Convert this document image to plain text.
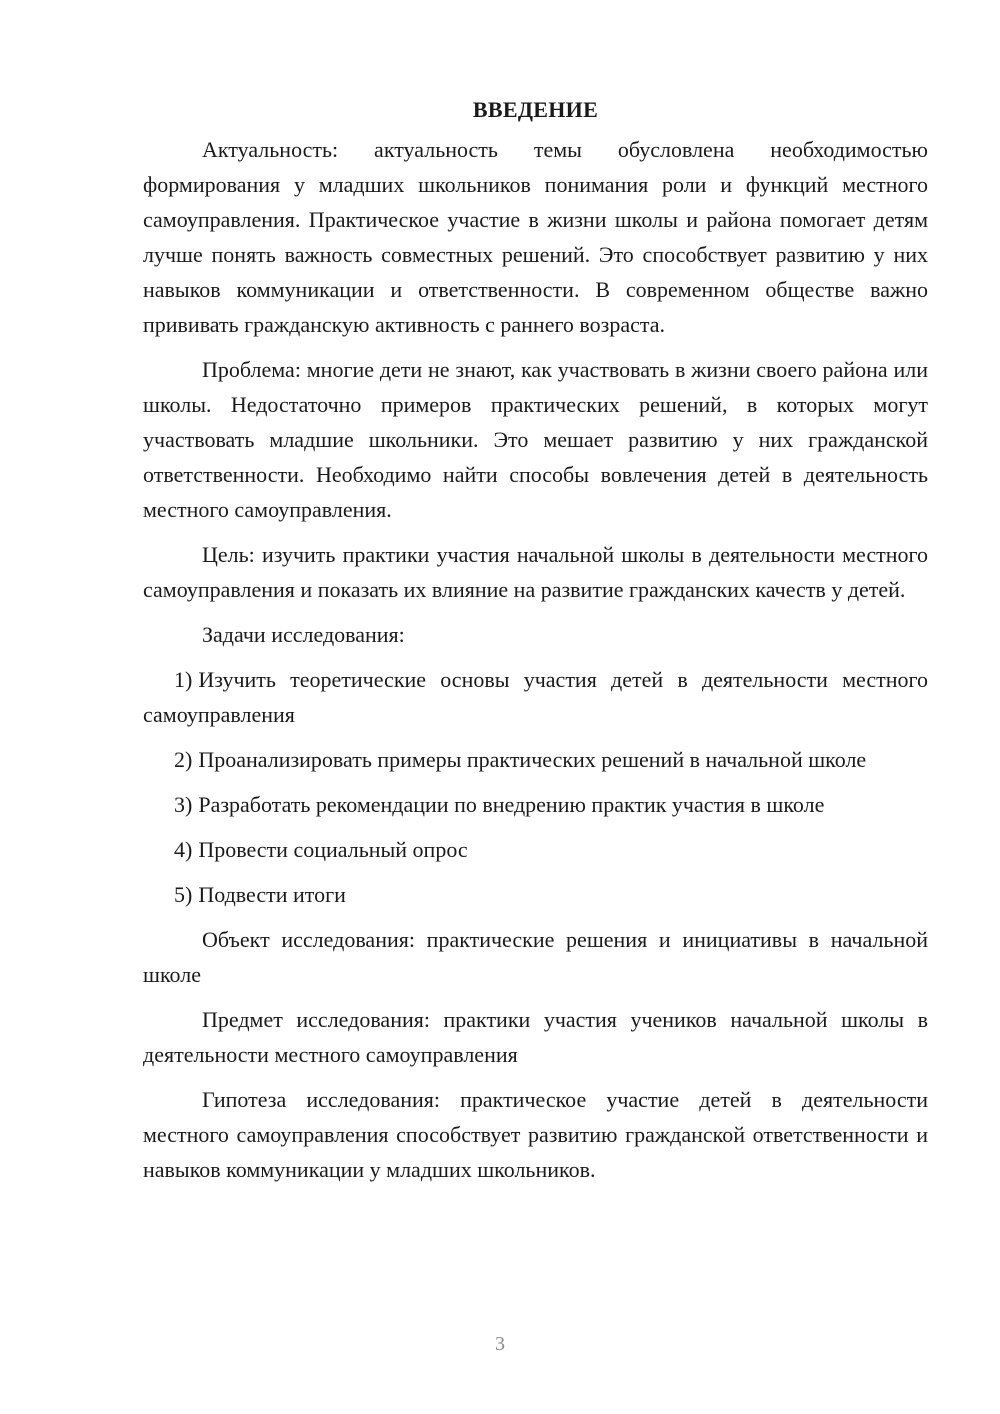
ВВЕДЕНИЕ

Актуальность: актуальность темы обусловлена необходимостью формирования у младших школьников понимания роли и функций местного самоуправления. Практическое участие в жизни школы и района помогает детям лучше понять важность совместных решений. Это способствует развитию у них навыков коммуникации и ответственности. В современном обществе важно прививать гражданскую активность с раннего возраста.

Проблема: многие дети не знают, как участвовать в жизни своего района или школы. Недостаточно примеров практических решений, в которых могут участвовать младшие школьники. Это мешает развитию у них гражданской ответственности. Необходимо найти способы вовлечения детей в деятельность местного самоуправления.

Цель: изучить практики участия начальной школы в деятельности местного самоуправления и показать их влияние на развитие гражданских качеств у детей.

Задачи исследования:

1) Изучить теоретические основы участия детей в деятельности местного самоуправления

2) Проанализировать примеры практических решений в начальной школе

3) Разработать рекомендации по внедрению практик участия в школе

4) Провести социальный опрос

5) Подвести итоги

Объект исследования: практические решения и инициативы в начальной школе

Предмет исследования: практики участия учеников начальной школы в деятельности местного самоуправления

Гипотеза исследования: практическое участие детей в деятельности местного самоуправления способствует развитию гражданской ответственности и навыков коммуникации у младших школьников.

3
